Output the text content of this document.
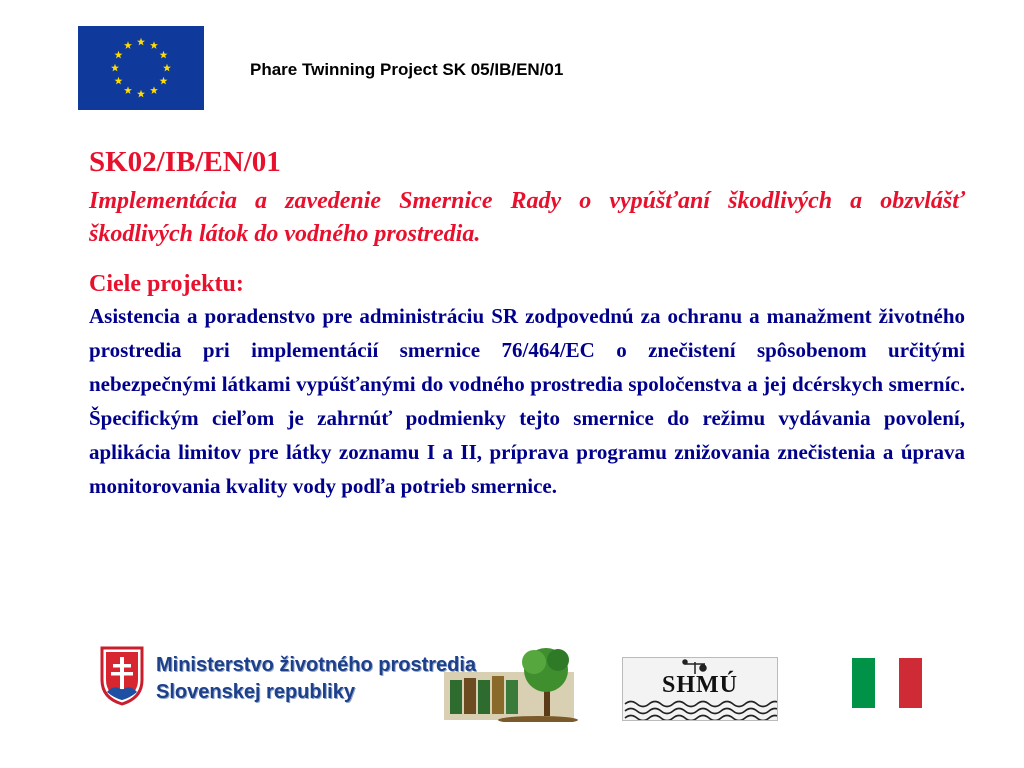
Phare Twinning Project SK 05/IB/EN/01
SK02/IB/EN/01
Implementácia a zavedenie Smernice Rady o vypúšťaní škodlivých a obzvlášť škodlivých látok do vodného prostredia.
Ciele projektu:
Asistencia a poradenstvo pre administráciu SR zodpovednú za ochranu a manažment životného prostredia pri implementácií smernice 76/464/EC o znečistení spôsobenom určitými nebezpečnými látkami vypúšťanými do vodného prostredia spoločenstva a jej dcérskych smerníc. Špecifickým cieľom je zahrnúť podmienky tejto smernice do režimu vydávania povolení, aplikácia limitov pre látky zoznamu I a II, príprava programu znižovania znečistenia a úprava monitorovania kvality vody podľa potrieb smernice.
Ministerstvo životného prostredia
Slovenskej republiky	SHMÚ
